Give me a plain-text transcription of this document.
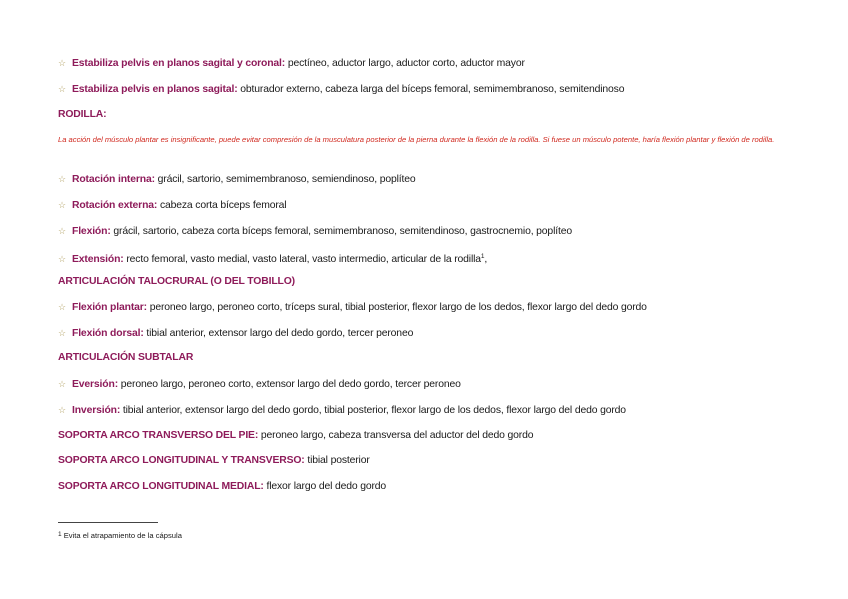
☆ Estabiliza pelvis en planos sagital y coronal: pectíneo, aductor largo, aductor corto, aductor mayor
☆ Estabiliza pelvis en planos sagital: obturador externo, cabeza larga del bíceps femoral, semimembranoso, semitendinoso
RODILLA:
La acción del músculo plantar es insignificante, puede evitar compresión de la musculatura posterior de la pierna durante la flexión de la rodilla. Si fuese un músculo potente, haría flexión plantar y flexión de rodilla.
☆ Rotación interna: grácil, sartorio, semimembranoso, semiendinoso, poplíteo
☆ Rotación externa: cabeza corta bíceps femoral
☆ Flexión: grácil, sartorio, cabeza corta bíceps femoral, semimembranoso, semitendinoso, gastrocnemio, poplíteo
☆ Extensión: recto femoral, vasto medial, vasto lateral, vasto intermedio, articular de la rodilla$^1$,
ARTICULACIÓN TALOCRURAL (O DEL TOBILLO)
☆ Flexión plantar: peroneo largo, peroneo corto, tríceps sural, tibial posterior, flexor largo de los dedos, flexor largo del dedo gordo
☆ Flexión dorsal: tibial anterior, extensor largo del dedo gordo, tercer peroneo
ARTICULACIÓN SUBTALAR
☆ Eversión: peroneo largo, peroneo corto, extensor largo del dedo gordo, tercer peroneo
☆ Inversión: tibial anterior, extensor largo del dedo gordo, tibial posterior, flexor largo de los dedos, flexor largo del dedo gordo
SOPORTA ARCO TRANSVERSO DEL PIE: peroneo largo, cabeza transversa del aductor del dedo gordo
SOPORTA ARCO LONGITUDINAL Y TRANSVERSO: tibial posterior
SOPORTA ARCO LONGITUDINAL MEDIAL: flexor largo del dedo gordo
1 Evita el atrapamiento de la cápsula
